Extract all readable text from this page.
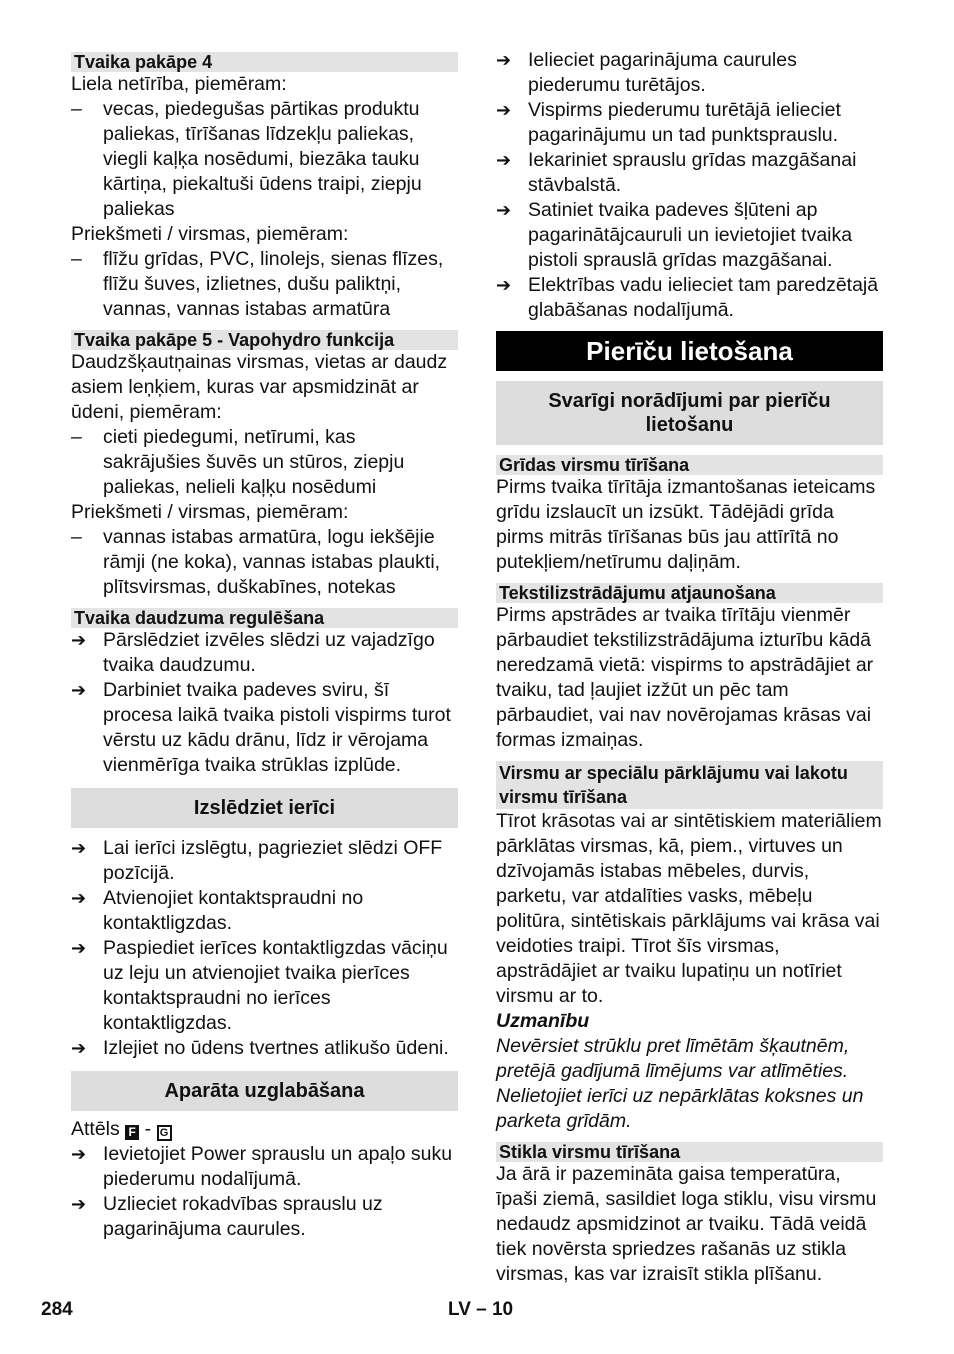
Tvaika pakāpe 4

Liela netīrība, piemēram:

–	vecas, piedegušas pārtikas produktu paliekas, tīrīšanas līdzekļu paliekas, viegli kaļķa nosēdumi, biezāka tauku kārtiņa, piekaltuši ūdens traipi, ziepju paliekas

Priekšmeti / virsmas, piemēram:

–	flīžu grīdas, PVC, linolejs, sienas flīzes, flīžu šuves, izlietnes, dušu paliktņi, vannas, vannas istabas armatūra
Tvaika pakāpe 5 - Vapohydro funkcija

Daudzšķautņainas virsmas, vietas ar daudz asiem leņķiem, kuras var apsmidzināt ar ūdeni, piemēram:

–	cieti piedegumi, netīrumi, kas sakrājušies šuvēs un stūros, ziepju paliekas, nelieli kaļķu nosēdumi

Priekšmeti / virsmas, piemēram:

–	vannas istabas armatūra, logu iekšējie rāmji (ne koka), vannas istabas plaukti, plītsvirsmas, duškabīnes, notekas
Tvaika daudzuma regulēšana
➔ Pārslēdziet izvēles slēdzi uz vajadzīgo tvaika daudzumu.
➔ Darbiniet tvaika padeves sviru, šī procesa laikā tvaika pistoli vispirms turot vērstu uz kādu drānu, līdz ir vērojama vienmērīga tvaika strūklas izplūde.
Izslēdziet ierīci
➔ Lai ierīci izslēgtu, pagrieziet slēdzi OFF pozīcijā.
➔ Atvienojiet kontaktspraudni no kontaktligzdas.
➔ Paspiediet ierīces kontaktligzdas vāciņu uz leju un atvienojiet tvaika pierīces kontaktspraudni no ierīces kontaktligzdas.
➔ Izlejiet no ūdens tvertnes atlikušo ūdeni.
Aparāta uzglabāšana

Attēls F - G

➔ Ievietojiet Power sprauslu un apaļo suku piederumu nodalījumā.
➔ Uzlieciet rokadvības sprauslu uz pagarinājuma caurules.
➔ Ielieciet pagarinājuma caurules piederumu turētājos.
➔ Vispirms piederumu turētājā ielieciet pagarinājumu un tad punktsprauslu.
➔ Iekariniet sprauslu grīdas mazgāšanai stāvbalstā.
➔ Satiniet tvaika padeves šļūteni ap pagarinātājcauruli un ievietojiet tvaika pistoli sprauslā grīdas mazgāšanai.
➔ Elektrības vadu ielieciet tam paredzētajā glabāšanas nodalījumā.
Pierīču lietošana
Svarīgi norādījumi par pierīču lietošanu
Grīdas virsmu tīrīšana

Pirms tvaika tīrītāja izmantošanas ieteicams grīdu izslaucīt un izsūkt. Tādējādi grīda pirms mitrās tīrīšanas būs jau attīrītā no putekļiem/netīrumu daļiņām.

Tekstilizstrādājumu atjaunošana

Pirms apstrādes ar tvaika tīrītāju vienmēr pārbaudiet tekstilizstrādājuma izturību kādā neredzamā vietā: vispirms to apstrādājiet ar tvaiku, tad ļaujiet izžūt un pēc tam pārbaudiet, vai nav novērojamas krāsas vai formas izmaiņas.

Virsmu ar speciālu pārklājumu vai lakotu virsmu tīrīšana

Tīrot krāsotas vai ar sintētiskiem materiāliem pārklātas virsmas, kā, piem., virtuves un dzīvojamās istabas mēbeles, durvis, parketu, var atdalīties vasks, mēbeļu politūra, sintētiskais pārklājums vai krāsa vai veidoties traipi. Tīrot šīs virsmas, apstrādājiet ar tvaiku lupatiņu un notīriet virsmu ar to.

Uzmanību

Nevērsiet strūklu pret līmētām šķautnēm, pretējā gadījumā līmējums var atlīmēties. Nelietojiet ierīci uz nepārklātas koksnes un parketa grīdām.

Stikla virsmu tīrīšana

Ja ārā ir pazemināta gaisa temperatūra, īpaši ziemā, sasildiet loga stiklu, visu virsmu nedaudz apsmidzinot ar tvaiku. Tādā veidā tiek novērsta spriedzes rašanās uz stikla virsmas, kas var izraisīt stikla plīšanu.

284	LV – 10
